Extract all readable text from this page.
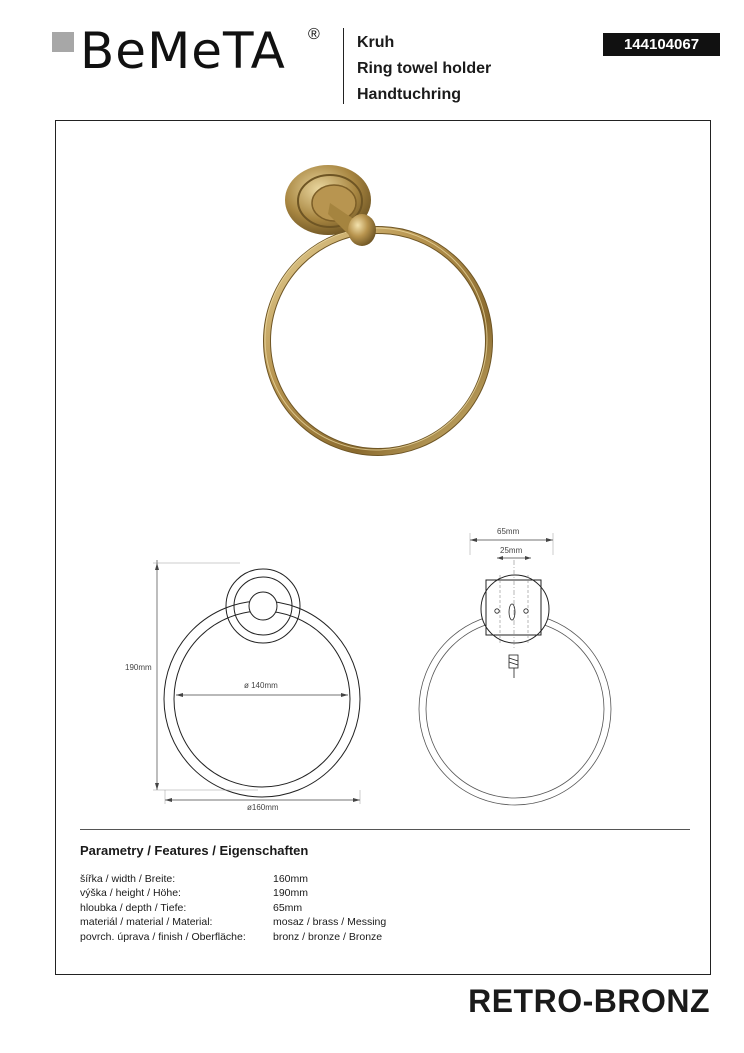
BeMeTA ® Kruh
Ring towel holder
Handtuchring
144104067
190mm
ø 140mm
ø160mm
65mm
25mm
Parametry / Features / Eigenschaften
šířka / width / Breite:	160mm
výška / height / Höhe:	190mm
hloubka / depth / Tiefe:	65mm
materiál / material / Material:	mosaz / brass / Messing
povrch. úprava / finish / Oberfläche:	bronz / bronze / Bronze
RETRO-BRONZ
